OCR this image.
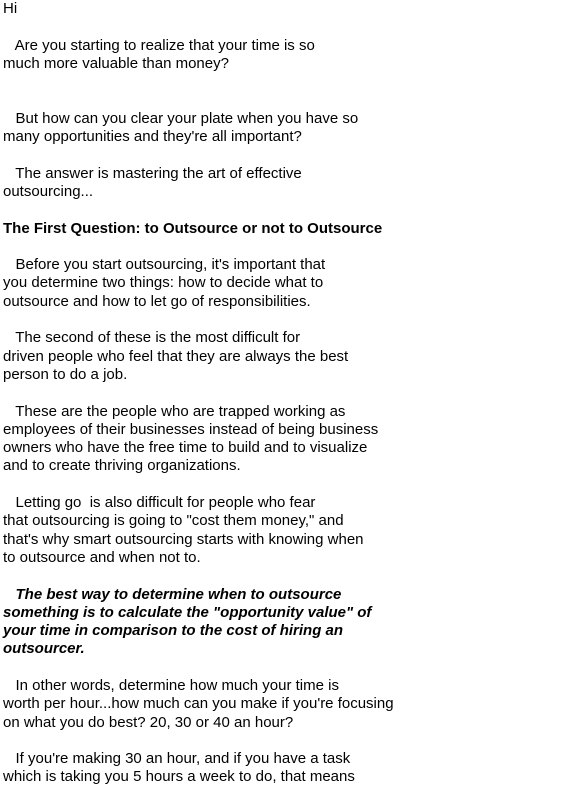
Hi
Are you starting to realize that your time is so
much more valuable than money?
But how can you clear your plate when you have so
many opportunities and they're all important?
The answer is mastering the art of effective
outsourcing...
The First Question: to Outsource or not to Outsource
Before you start outsourcing, it's important that
you determine two things: how to decide what to
outsource and how to let go of responsibilities.
The second of these is the most difficult for
driven people who feel that they are always the best
person to do a job.
These are the people who are trapped working as
employees of their businesses instead of being business
owners who have the free time to build and to visualize
and to create thriving organizations.
Letting go  is also difficult for people who fear
that outsourcing is going to "cost them money," and
that's why smart outsourcing starts with knowing when
to outsource and when not to.
The best way to determine when to outsource
something is to calculate the "opportunity value" of
your time in comparison to the cost of hiring an
outsourcer.
In other words, determine how much your time is
worth per hour...how much can you make if you're focusing
on what you do best? 20, 30 or 40 an hour?
If you're making 30 an hour, and if you have a task
which is taking you 5 hours a week to do, that means
